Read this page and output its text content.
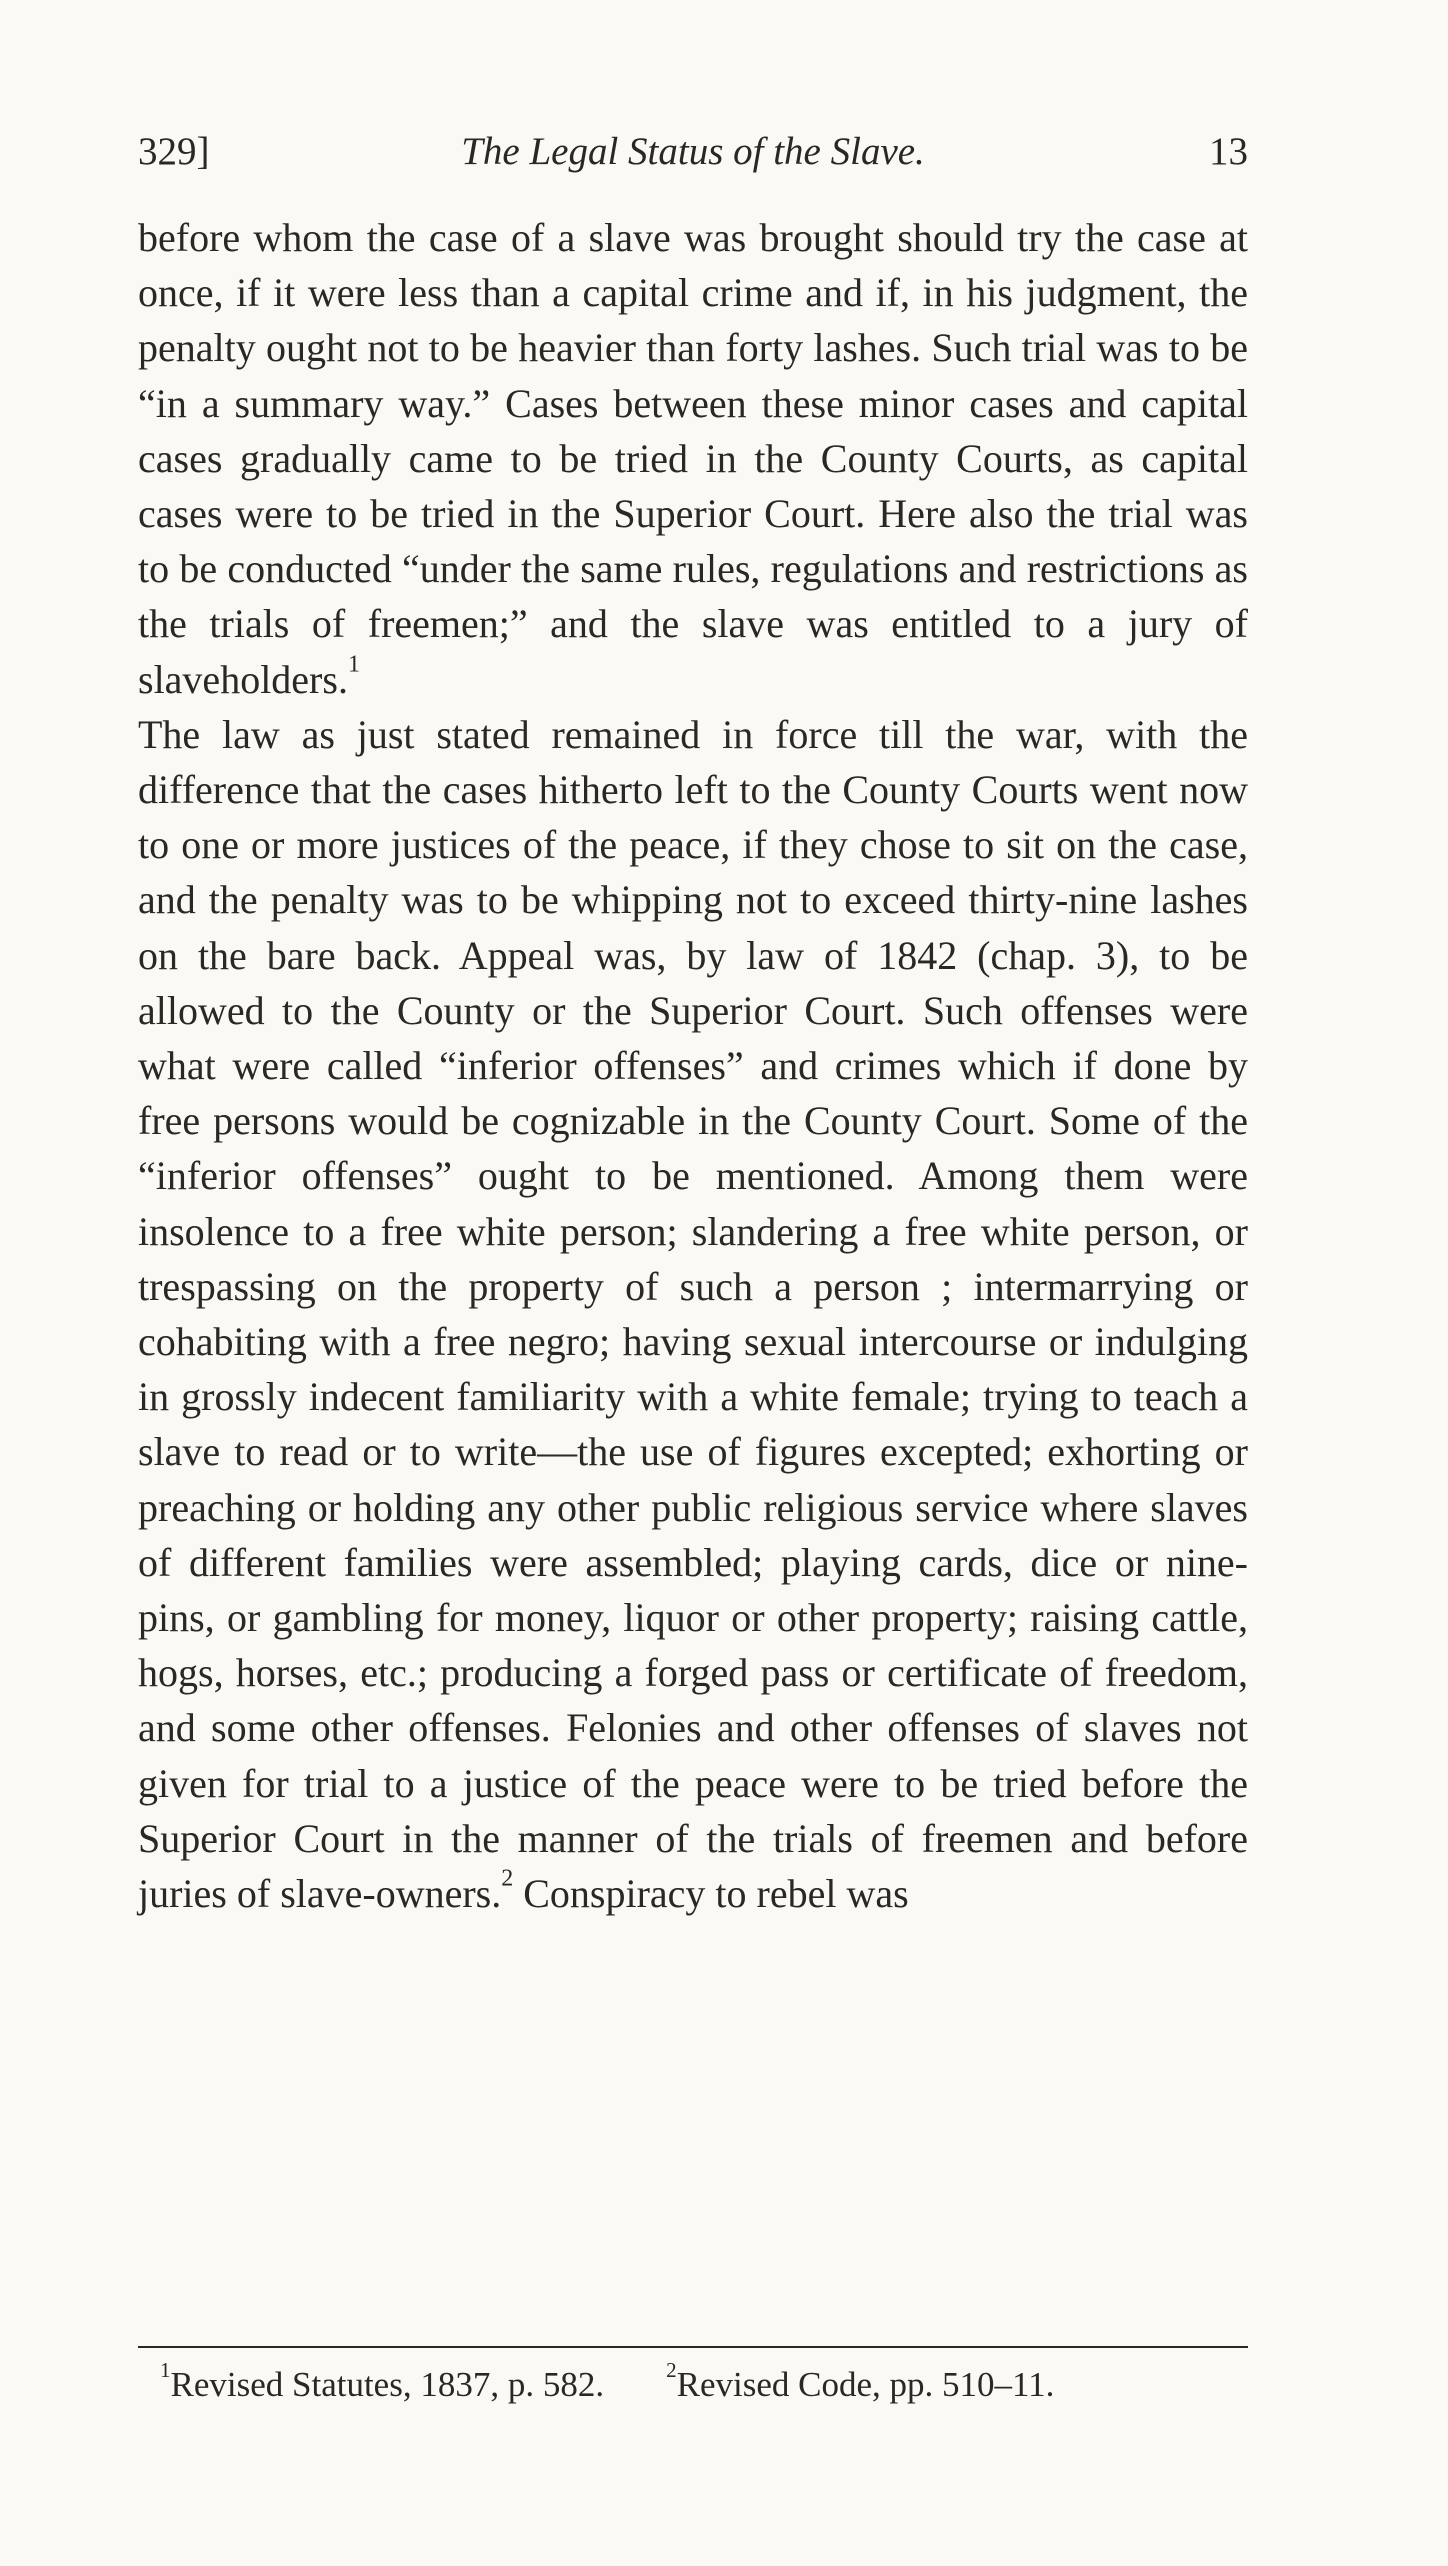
329]	The Legal Status of the Slave.	13

before whom the case of a slave was brought should try the case at once, if it were less than a capital crime and if, in his judgment, the penalty ought not to be heavier than forty lashes. Such trial was to be “in a summary way.” Cases between these minor cases and capital cases gradually came to be tried in the County Courts, as capital cases were to be tried in the Superior Court. Here also the trial was to be conducted “under the same rules, regulations and restrictions as the trials of freemen;” and the slave was entitled to a jury of slaveholders.$^1$

The law as just stated remained in force till the war, with the difference that the cases hitherto left to the County Courts went now to one or more justices of the peace, if they chose to sit on the case, and the penalty was to be whipping not to exceed thirty-nine lashes on the bare back. Appeal was, by law of 1842 (chap. 3), to be allowed to the County or the Superior Court. Such offenses were what were called “inferior offenses” and crimes which if done by free persons would be cognizable in the County Court. Some of the “inferior offenses” ought to be mentioned. Among them were insolence to a free white person; slandering a free white person, or trespassing on the property of such a person ; intermarrying or cohabiting with a free negro; having sexual intercourse or indulging in grossly indecent familiarity with a white female; trying to teach a slave to read or to write—the use of figures excepted; exhorting or preaching or holding any other public religious service where slaves of different families were assembled; playing cards, dice or nine-pins, or gambling for money, liquor or other property; raising cattle, hogs, horses, etc.; producing a forged pass or certificate of freedom, and some other offenses. Felonies and other offenses of slaves not given for trial to a justice of the peace were to be tried before the Superior Court in the manner of the trials of freemen and before juries of slave-owners.$^2$ Conspiracy to rebel was

$^1$Revised Statutes, 1837, p. 582.	$^2$Revised Code, pp. 510–11.
